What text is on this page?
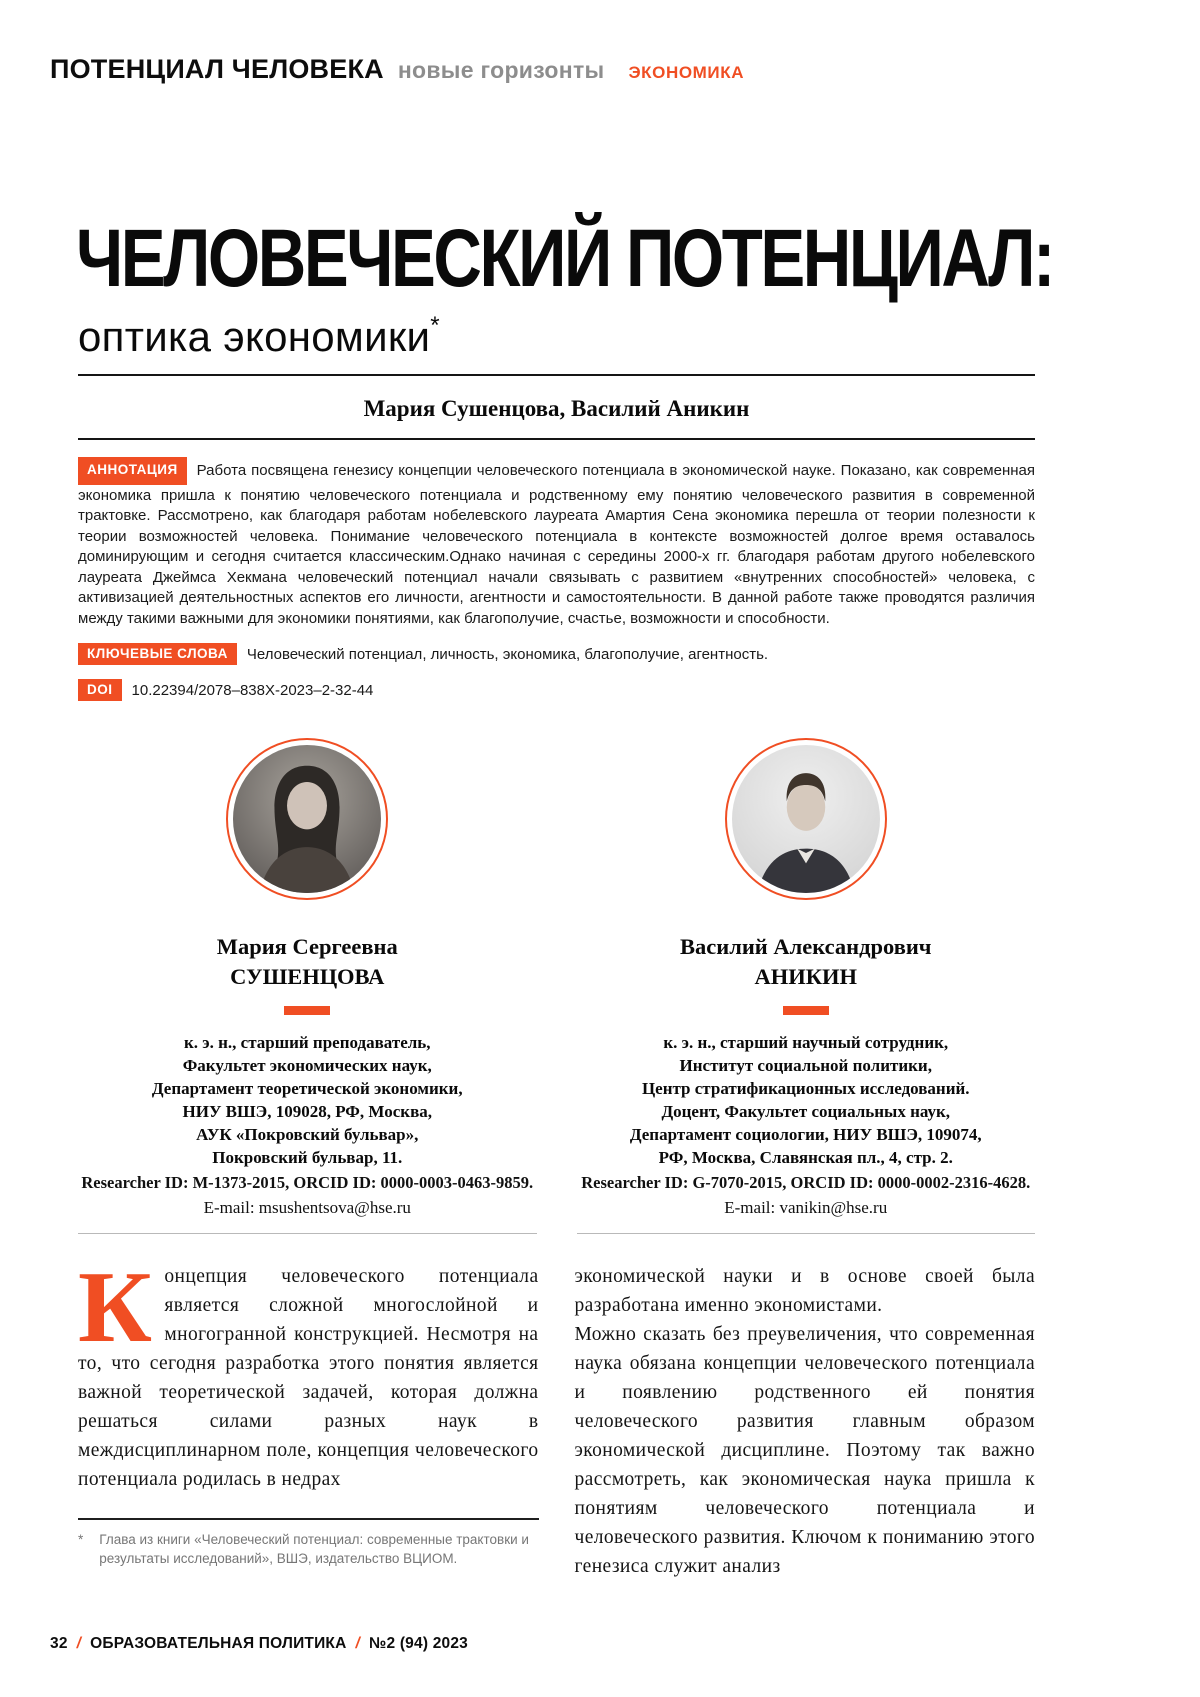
ПОТЕНЦИАЛ ЧЕЛОВЕКА новые горизонты ЭКОНОМИКА
ЧЕЛОВЕЧЕСКИЙ ПОТЕНЦИАЛ:
оптика экономики*
Мария Сушенцова, Василий Аникин

АННОТАЦИЯ Работа посвящена генезису концепции человеческого потенциала в экономической науке. Показано, как современная экономика пришла к понятию человеческого потенциала и родственному ему понятию человеческого развития в современной трактовке. Рассмотрено, как благодаря работам нобелевского лауреата Амартия Сена экономика перешла от теории полезности к теории возможностей человека. Понимание человеческого потенциала в контексте возможностей долгое время оставалось доминирующим и сегодня считается классическим.Однако начиная с середины 2000-х гг. благодаря работам другого нобелевского лауреата Джеймса Хекмана человеческий потенциал начали связывать с развитием «внутренних способностей» человека, с активизацией деятельностных аспектов его личности, агентности и самостоятельности. В данной работе также проводятся различия между такими важными для экономики понятиями, как благополучие, счастье, возможности и способности.

КЛЮЧЕВЫЕ СЛОВА Человеческий потенциал, личность, экономика, благополучие, агентность.

DOI 10.22394/2078–838X-2023–2-32-44

Мария Сергеевна
СУШЕНЦОВА
к. э. н., старший преподаватель,
Факультет экономических наук,
Департамент теоретической экономики,
НИУ ВШЭ, 109028, РФ, Москва,
АУК «Покровский бульвар»,
Покровский бульвар, 11.
Researcher ID: M-1373-2015, ORCID ID: 0000-0003-0463-9859.
E-mail: msushentsova@hse.ru
Василий Александрович
АНИКИН
к. э. н., старший научный сотрудник,
Институт социальной политики,
Центр стратификационных исследований.
Доцент, Факультет социальных наук,
Департамент социологии, НИУ ВШЭ, 109074,
РФ, Москва, Славянская пл., 4, стр. 2.
Researcher ID: G-7070-2015, ORCID ID: 0000-0002-2316-4628.
E-mail: vanikin@hse.ru

Концепция человеческого потенциала является сложной многослойной и многогранной конструкцией. Несмотря на то, что сегодня разработка этого понятия является важной теоретической задачей, которая должна решаться силами разных наук в междисциплинарном поле, концепция человеческого потенциала родилась в недрах

* Глава из книги «Человеческий потенциал: современные трактовки и результаты исследований», ВШЭ, издательство ВЦИОМ.

экономической науки и в основе своей была разработана именно экономистами.

Можно сказать без преувеличения, что современная наука обязана концепции человеческого потенциала и появлению родственного ей понятия человеческого развития главным образом экономической дисциплине. Поэтому так важно рассмотреть, как экономическая наука пришла к понятиям человеческого потенциала и человеческого развития. Ключом к пониманию этого генезиса служит анализ

32 / ОБРАЗОВАТЕЛЬНАЯ ПОЛИТИКА / №2 (94) 2023
